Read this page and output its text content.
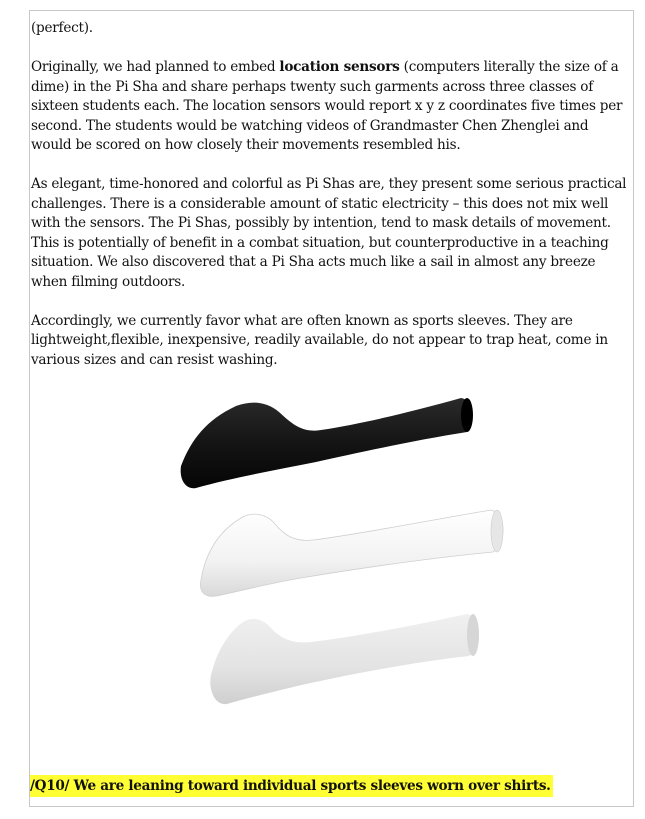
(perfect).

Originally, we had planned to embed location sensors (computers literally the size of a dime) in the Pi Sha and share perhaps twenty such garments across three classes of sixteen students each. The location sensors would report x y z coordinates five times per second. The students would be watching videos of Grandmaster Chen Zhenglei and would be scored on how closely their movements resembled his.

As elegant, time-honored and colorful as Pi Shas are, they present some serious practical challenges. There is a considerable amount of static electricity – this does not mix well with the sensors. The Pi Shas, possibly by intention, tend to mask details of movement. This is potentially of benefit in a combat situation, but counterproductive in a teaching situation. We also discovered that a Pi Sha acts much like a sail in almost any breeze when filming outdoors.

Accordingly, we currently favor what are often known as sports sleeves. They are lightweight,flexible, inexpensive, readily available, do not appear to trap heat, come in various sizes and can resist washing.

/Q10/ We are leaning toward individual sports sleeves worn over shirts.
